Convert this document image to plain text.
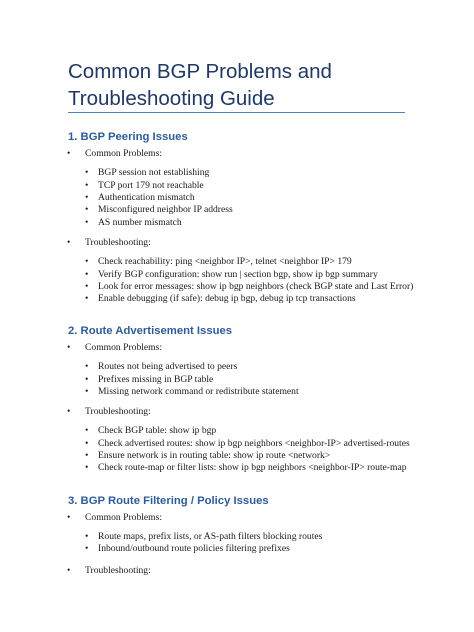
Common BGP Problems and Troubleshooting Guide
1. BGP Peering Issues
• Common Problems:
• BGP session not establishing
• TCP port 179 not reachable
• Authentication mismatch
• Misconfigured neighbor IP address
• AS number mismatch
• Troubleshooting:
• Check reachability: ping <neighbor IP>, telnet <neighbor IP> 179
• Verify BGP configuration: show run | section bgp, show ip bgp summary
• Look for error messages: show ip bgp neighbors (check BGP state and Last Error)
• Enable debugging (if safe): debug ip bgp, debug ip tcp transactions
2. Route Advertisement Issues
• Common Problems:
• Routes not being advertised to peers
• Prefixes missing in BGP table
• Missing network command or redistribute statement
• Troubleshooting:
• Check BGP table: show ip bgp
• Check advertised routes: show ip bgp neighbors <neighbor-IP> advertised-routes
• Ensure network is in routing table: show ip route <network>
• Check route-map or filter lists: show ip bgp neighbors <neighbor-IP> route-map
3. BGP Route Filtering / Policy Issues
• Common Problems:
• Route maps, prefix lists, or AS-path filters blocking routes
• Inbound/outbound route policies filtering prefixes
• Troubleshooting:
